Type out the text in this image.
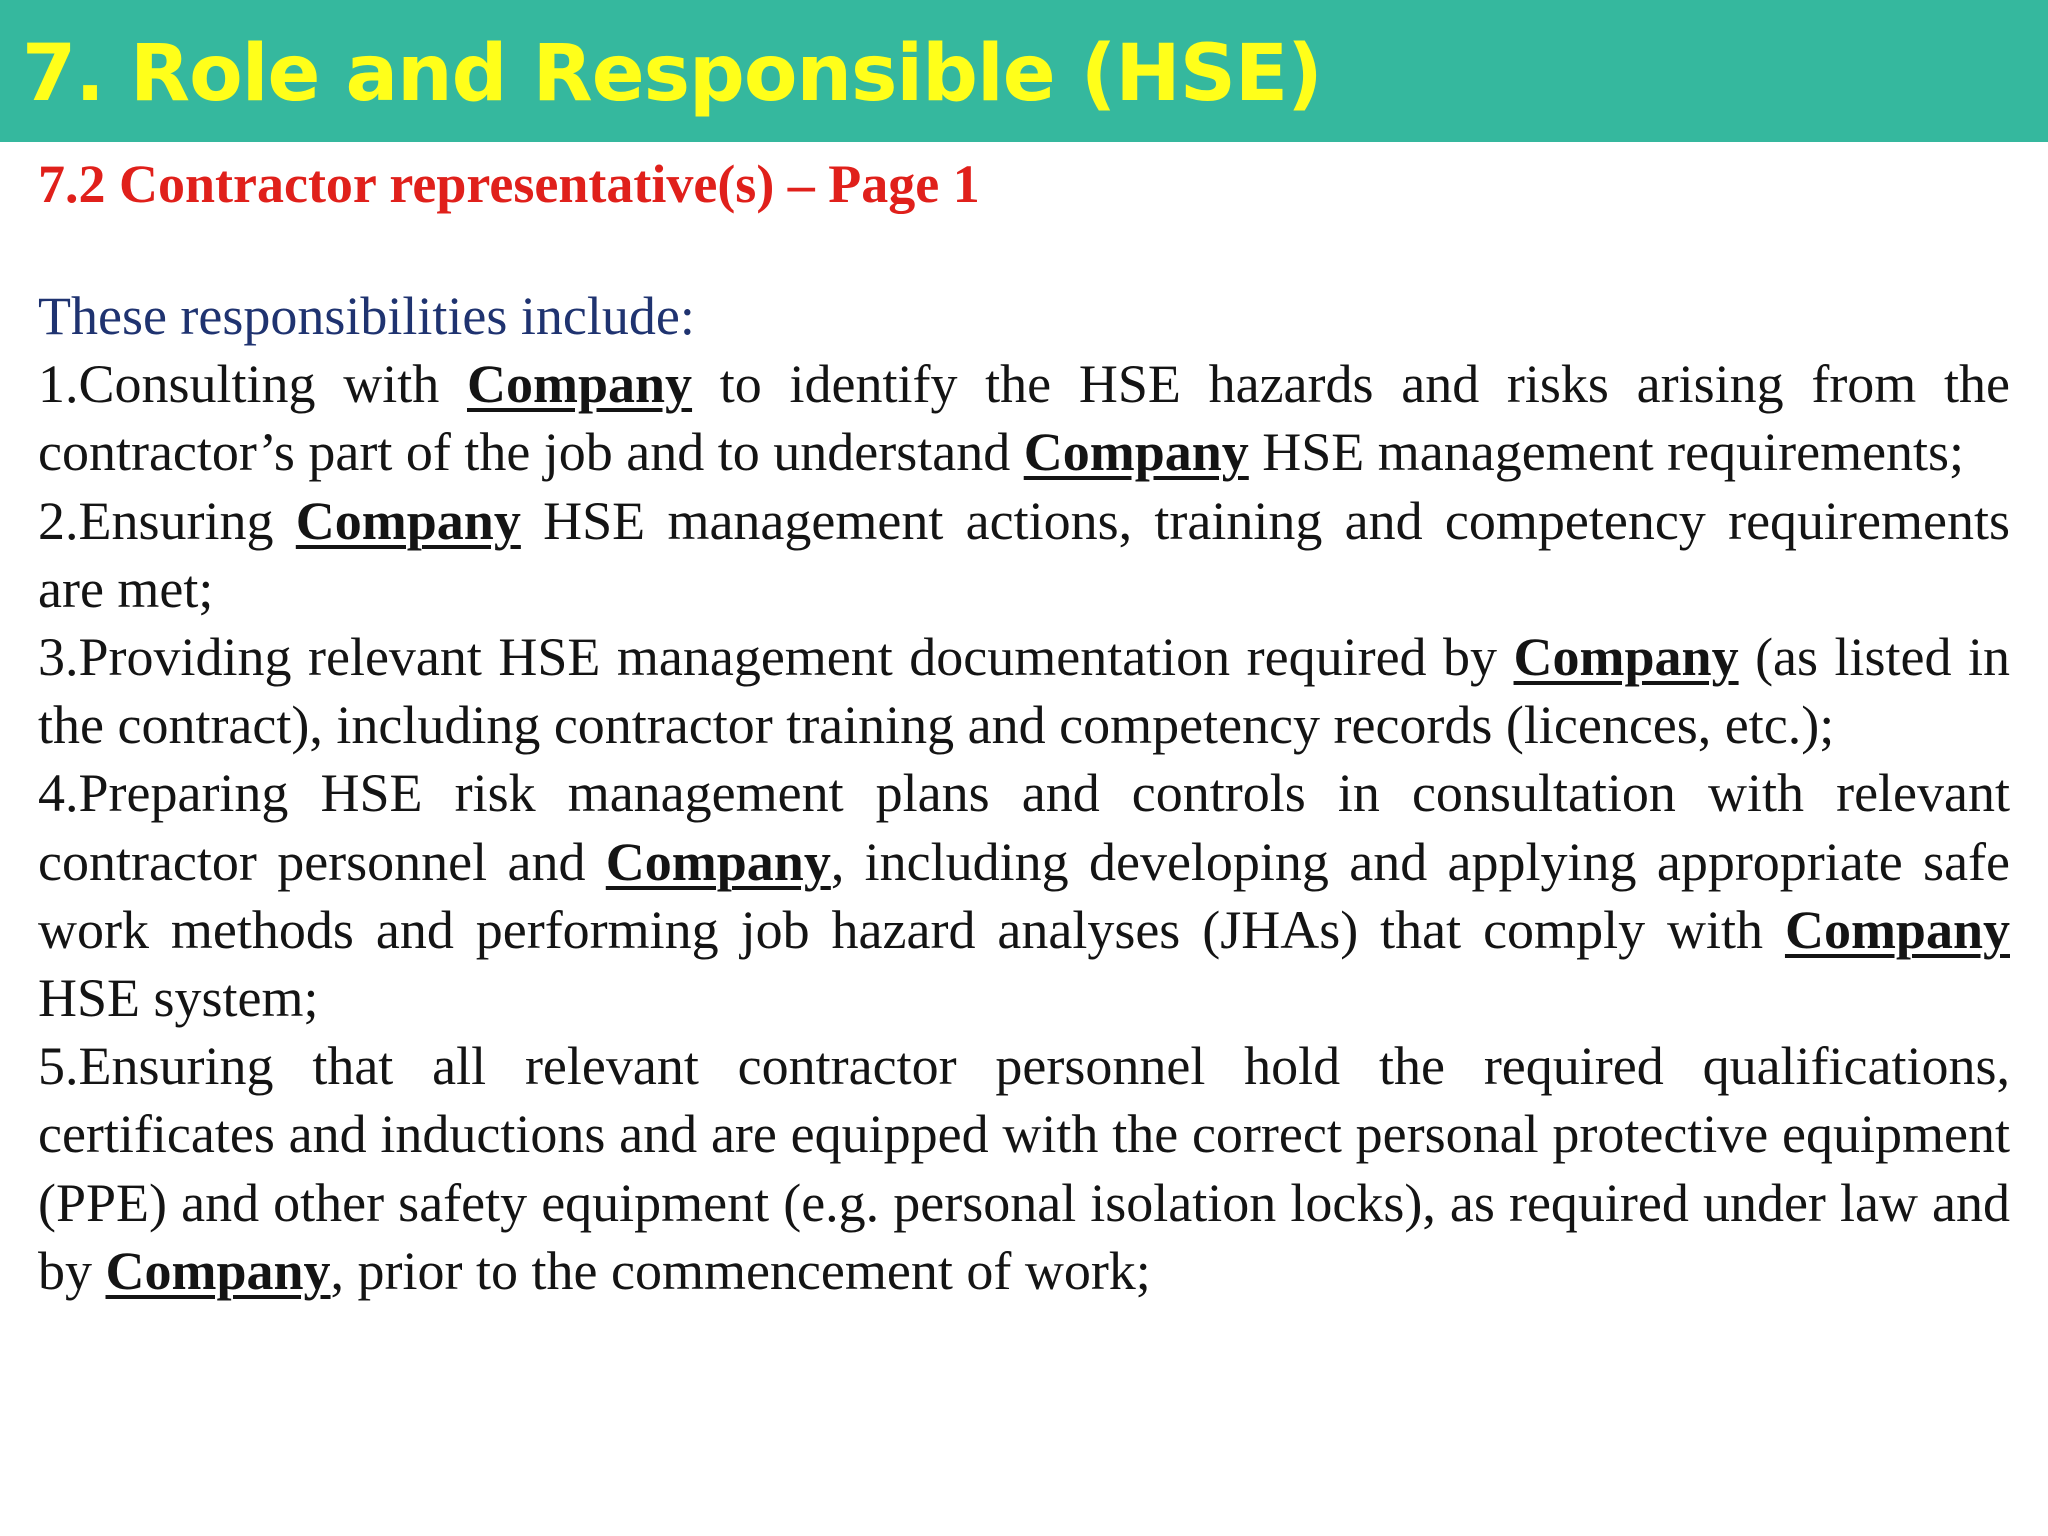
7. Role and Responsible (HSE)

7.2 Contractor representative(s) – Page 1

These responsibilities include:

1.Consulting with Company to identify the HSE hazards and risks arising from the contractor’s part of the job and to understand Company HSE management requirements;

2.Ensuring Company HSE management actions, training and competency requirements are met;

3.Providing relevant HSE management documentation required by Company (as listed in the contract), including contractor training and competency records (licences, etc.);

4.Preparing HSE risk management plans and controls in consultation with relevant contractor personnel and Company, including developing and applying appropriate safe work methods and performing job hazard analyses (JHAs) that comply with Company HSE system;

5.Ensuring that all relevant contractor personnel hold the required qualifications, certificates and inductions and are equipped with the correct personal protective equipment (PPE) and other safety equipment (e.g. personal isolation locks), as required under law and by Company, prior to the commencement of work;
